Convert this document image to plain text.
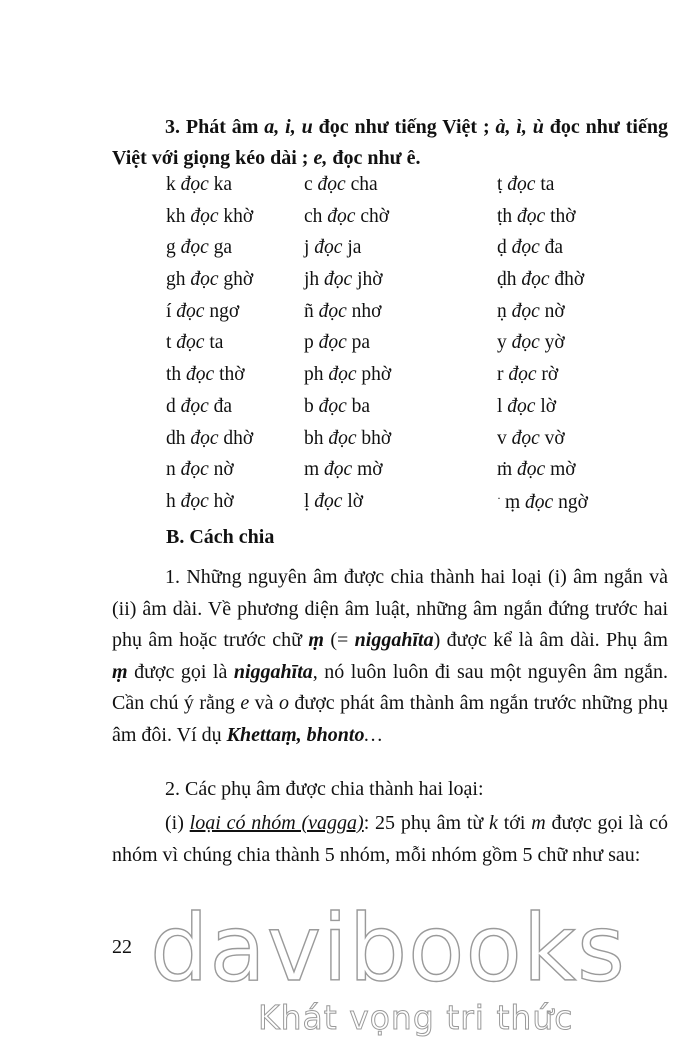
3. Phát âm a, i, u đọc như tiếng Việt ; à, ì, ù đọc như tiếng Việt với giọng kéo dài ; e, đọc như ê.
k đọc ka	c đọc cha	ṭ đọc ta
kh đọc khờ	ch đọc chờ	ṭh đọc thờ
g đọc ga	j đọc ja	ḍ đọc đa
gh đọc ghờ	jh đọc jhờ	ḍh đọc đhờ
í đọc ngơ	ñ đọc nhơ	ṇ đọc nờ
t đọc ta	p đọc pa	y đọc yờ
th đọc thờ	ph đọc phờ	r đọc rờ
d đọc đa	b đọc ba	l đọc lờ
dh đọc dhờ	bh đọc bhờ	v đọc vờ
n đọc nờ	m đọc mờ	ṁ đọc mờ
h đọc hờ	ḷ đọc lờ	· ṃ đọc ngờ
B. Cách chia
1. Những nguyên âm được chia thành hai loại (i) âm ngắn và (ii) âm dài. Về phương diện âm luật, những âm ngắn đứng trước hai phụ âm hoặc trước chữ ṃ (= niggahīta) được kể là âm dài. Phụ âm ṃ được gọi là niggahīta, nó luôn luôn đi sau một nguyên âm ngắn. Cần chú ý rằng e và o được phát âm thành âm ngắn trước những phụ âm đôi. Ví dụ Khettaṃ, bhonto…
2. Các phụ âm được chia thành hai loại:
(i) loại có nhóm (vagga): 25 phụ âm từ k tới m được gọi là có nhóm vì chúng chia thành 5 nhóm, mỗi nhóm gồm 5 chữ như sau:
22 davibooks
Khát vọng tri thức
